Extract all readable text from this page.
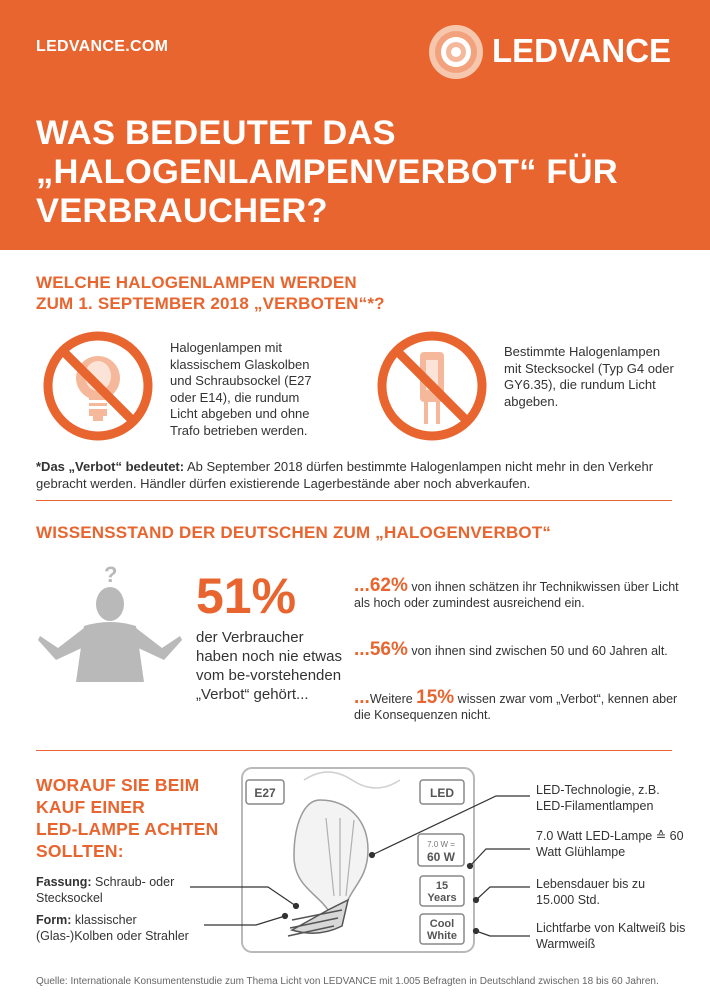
LEDVANCE.COM	LEDVANCE
WAS BEDEUTET DAS
„HALOGENLAMPENVERBOT“ FÜR
VERBRAUCHER?
WELCHE HALOGENLAMPEN WERDEN
ZUM 1. SEPTEMBER 2018 „VERBOTEN“*?
Halogenlampen mit klassischem Glaskolben und Schraubsockel (E27 oder E14), die rundum Licht abgeben und ohne Trafo betrieben werden.
Bestimmte Halogenlampen mit Stecksockel (Typ G4 oder GY6.35), die rundum Licht abgeben.
*Das „Verbot“ bedeutet: Ab September 2018 dürfen bestimmte Halogenlampen nicht mehr in den Verkehr gebracht werden. Händler dürfen existierende Lagerbestände aber noch abverkaufen.
WISSENSSTAND DER DEUTSCHEN ZUM „HALOGENVERBOT“
? 51%
der Verbraucher haben noch nie etwas vom be-vorstehenden „Verbot“ gehört...
...62% von ihnen schätzen ihr Technikwissen über Licht als hoch oder zumindest ausreichend ein.
...56% von ihnen sind zwischen 50 und 60 Jahren alt.
...Weitere 15% wissen zwar vom „Verbot“, kennen aber die Konsequenzen nicht.
WORAUF SIE BEIM
KAUF EINER
LED-LAMPE ACHTEN
SOLLTEN:
Fassung: Schraub- oder Stecksockel
Form: klassischer (Glas-)Kolben oder Strahler
E27	LED
7.0 W =
60 W
15
Years
Cool
White
LED-Technologie, z.B. LED-Filamentlampen
7.0 Watt LED-Lampe ≙ 60 Watt Glühlampe
Lebensdauer bis zu 15.000 Std.
Lichtfarbe von Kaltweiß bis Warmweiß
Quelle: Internationale Konsumentenstudie zum Thema Licht von LEDVANCE mit 1.005 Befragten in Deutschland zwischen 18 bis 60 Jahren.
